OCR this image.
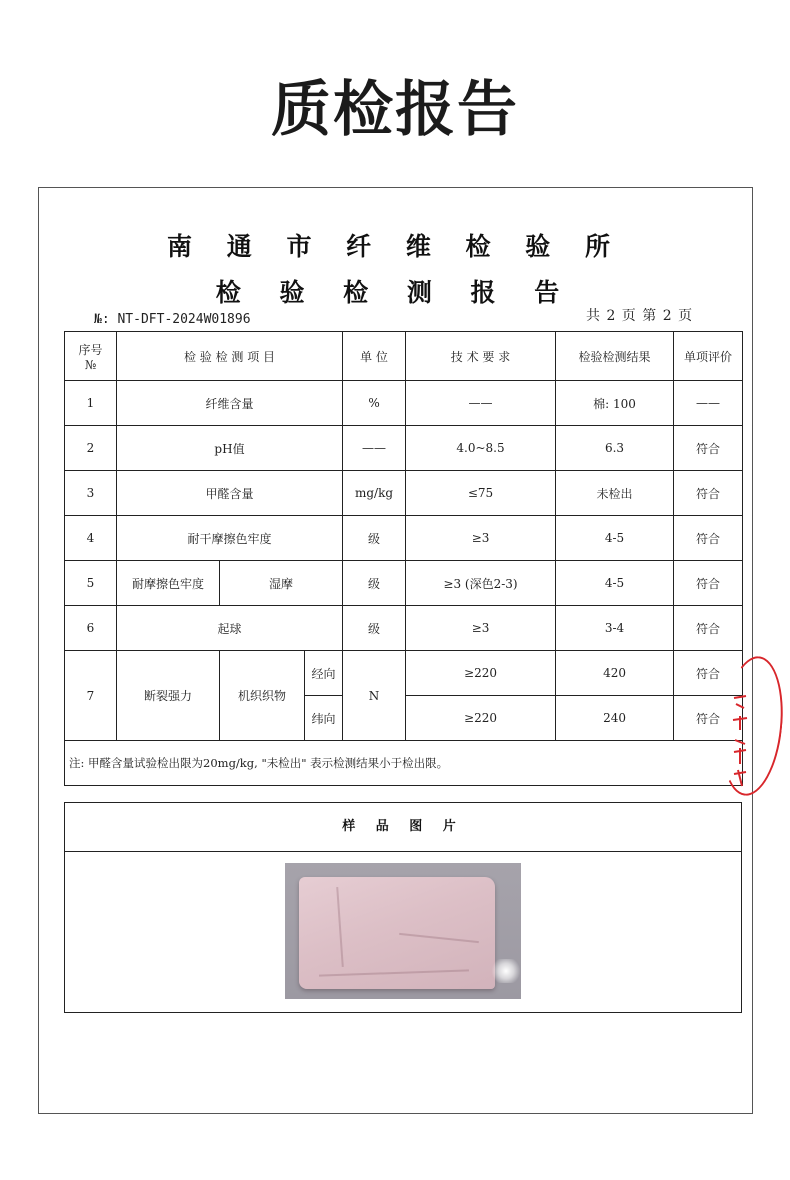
质检报告
南 通 市 纤 维 检 验 所
检 验 检 测 报 告
№: NT-DFT-2024W01896	共 2 页 第 2 页
序号
№	检 验 检 测 项 目			单 位	技 术 要 求	检验检测结果	单项评价
1	纤维含量			%	——	棉: 100	——
2	pH值			——	4.0~8.5	6.3	符合
3	甲醛含量			mg/kg	≤75	未检出	符合
4	耐干摩擦色牢度			级	≥3	4-5	符合
5	耐摩擦色牢度	湿摩		级	≥3 (深色2-3)	4-5	符合
6	起球			级	≥3	3-4	符合
7	断裂强力	机织织物	经向	N	≥220	420	符合
			纬向		≥220	240	符合
注: 甲醛含量试验检出限为20mg/kg, "未检出" 表示检测结果小于检出限。							
样 品 图 片
